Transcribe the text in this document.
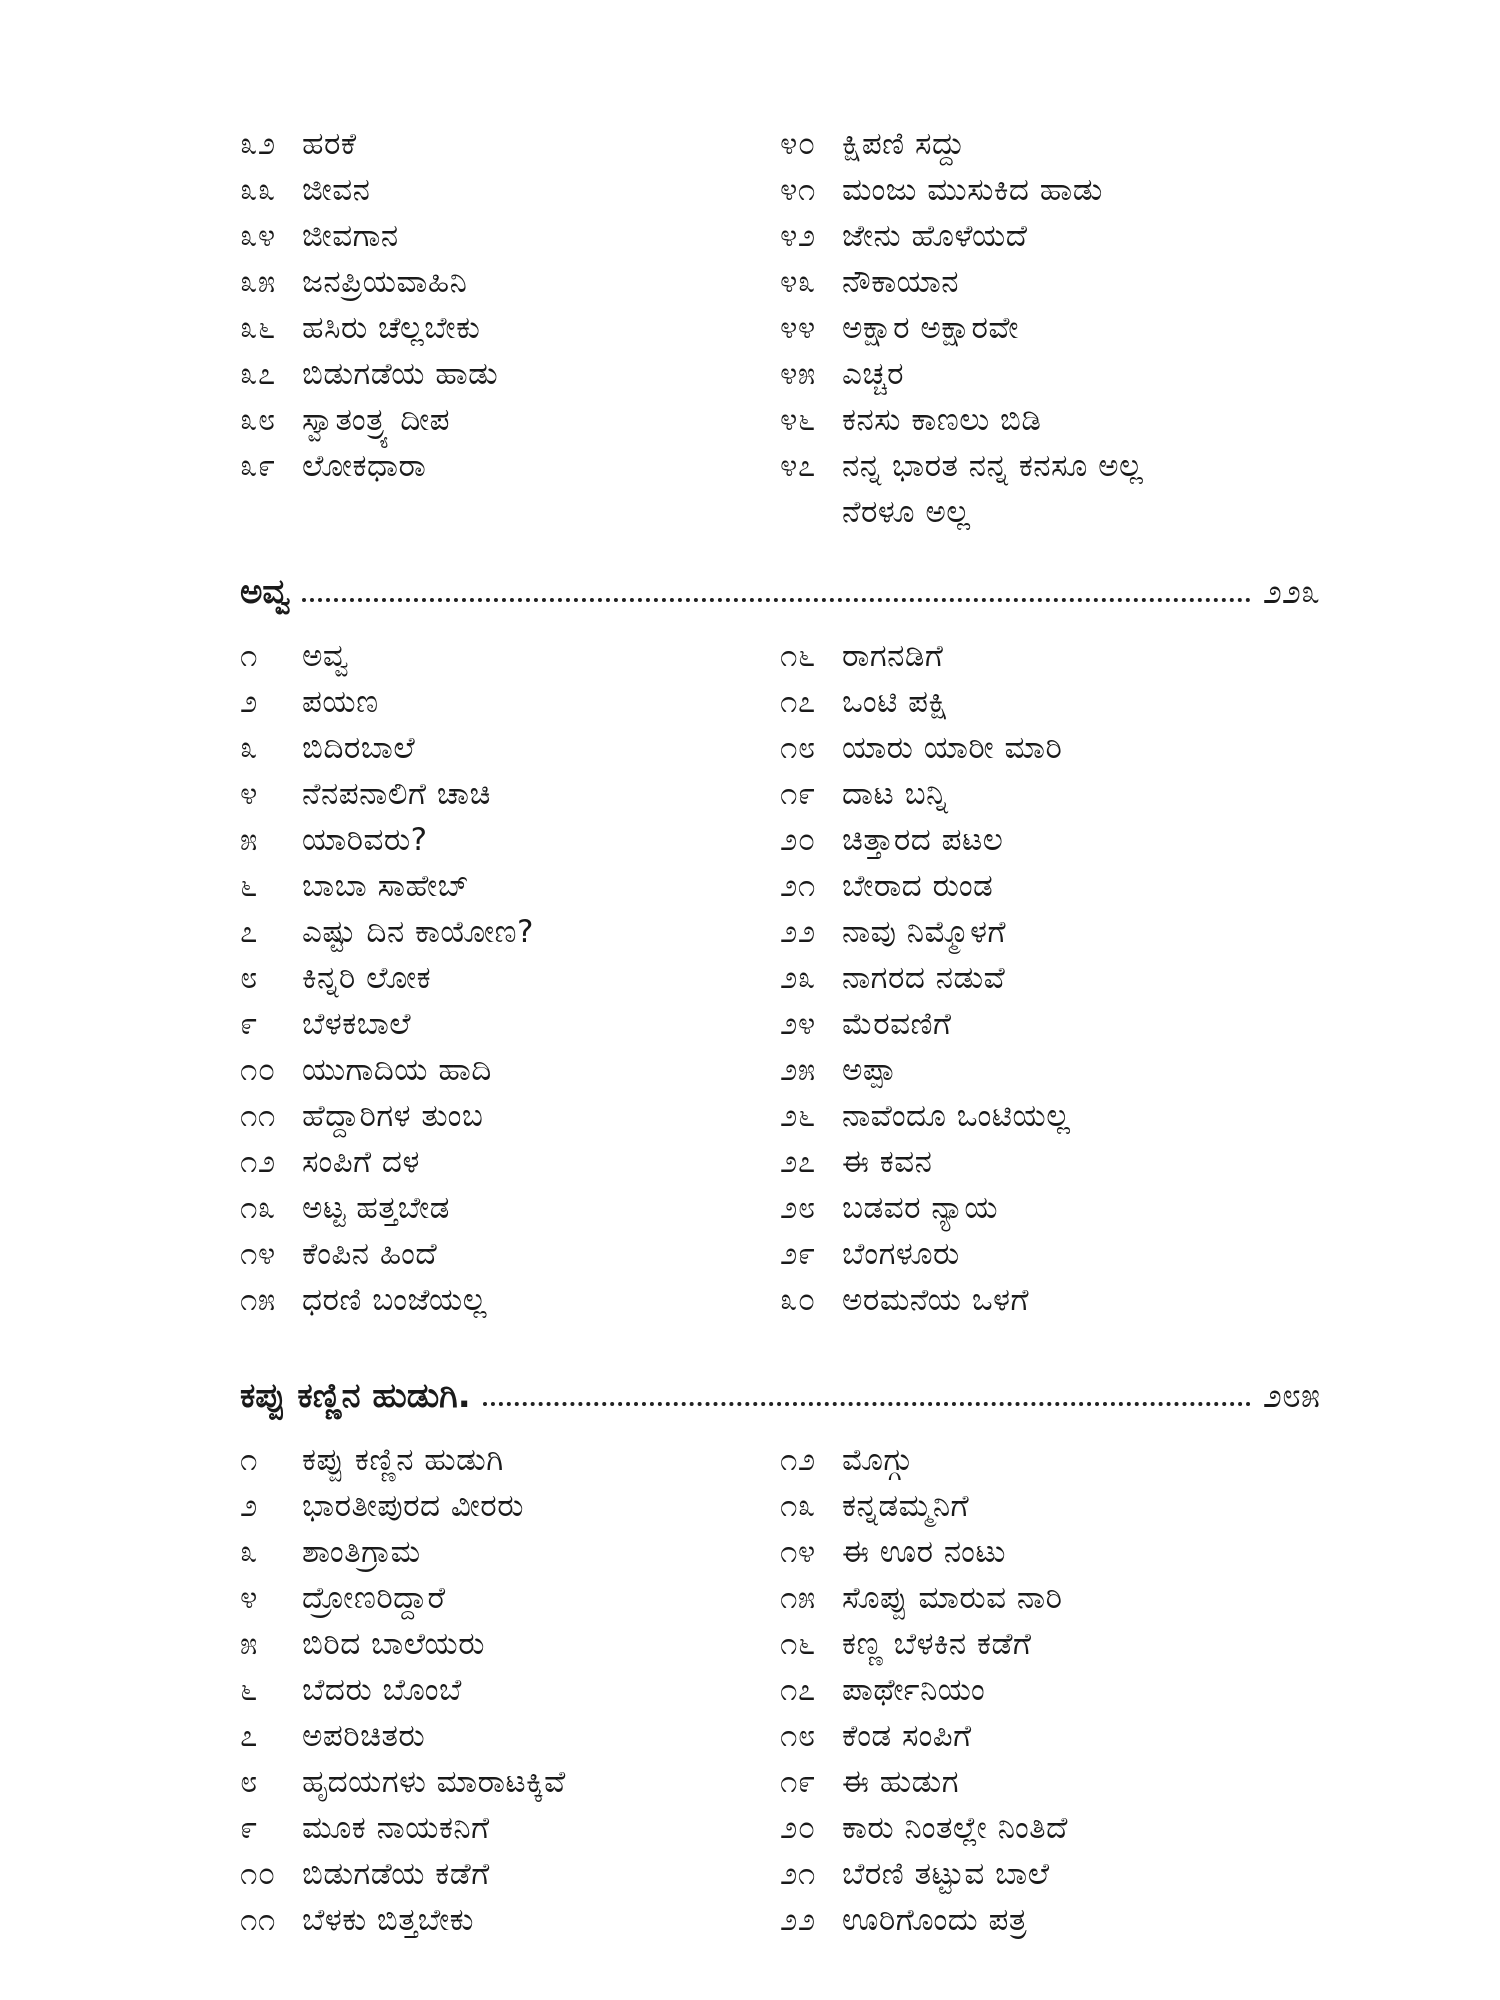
೩೨ ಹರಕೆ
೩೩ ಜೀವನ
೩೪ ಜೀವಗಾನ
೩೫ ಜನಪ್ರಿಯವಾಹಿನಿ
೩೬ ಹಸಿರು ಚೆಲ್ಲಬೇಕು
೩೭ ಬಿಡುಗಡೆಯ ಹಾಡು
೩೮ ಸ್ವಾತಂತ್ರ್ಯ ದೀಪ
೩೯ ಲೋಕಧಾರಾ
೪೦ ಕ್ಷಿಪಣಿ ಸದ್ದು
೪೧ ಮಂಜು ಮುಸುಕಿದ ಹಾಡು
೪೨ ಜೇನು ಹೊಳೆಯದೆ
೪೩ ನೌಕಾಯಾನ
೪೪ ಅಕ್ಷಾರ ಅಕ್ಷಾರವೇ
೪೫ ಎಚ್ಚರ
೪೬ ಕನಸು ಕಾಣಲು ಬಿಡಿ
೪೭ ನನ್ನ ಭಾರತ ನನ್ನ ಕನಸೂ ಅಲ್ಲ
ನೆರಳೂ ಅಲ್ಲ
ಅವ್ವ	೨೨೩
೧ ಅವ್ವ
೨ ಪಯಣ
೩ ಬಿದಿರಬಾಲೆ
೪ ನೆನಪನಾಲಿಗೆ ಚಾಚಿ
೫ ಯಾರಿವರು?
೬ ಬಾಬಾ ಸಾಹೇಬ್
೭ ಎಷ್ಟು ದಿನ ಕಾಯೋಣ?
೮ ಕಿನ್ನರಿ ಲೋಕ
೯ ಬೆಳಕಬಾಲೆ
೧೦ ಯುಗಾದಿಯ ಹಾದಿ
೧೧ ಹೆದ್ದಾರಿಗಳ ತುಂಬ
೧೨ ಸಂಪಿಗೆ ದಳ
೧೩ ಅಟ್ಟ ಹತ್ತಬೇಡ
೧೪ ಕೆಂಪಿನ ಹಿಂದೆ
೧೫ ಧರಣಿ ಬಂಜೆಯಲ್ಲ
೧೬ ರಾಗನಡಿಗೆ
೧೭ ಒಂಟಿ ಪಕ್ಷಿ
೧೮ ಯಾರು ಯಾರೀ ಮಾರಿ
೧೯ ದಾಟ ಬನ್ನಿ
೨೦ ಚಿತ್ತಾರದ ಪಟಲ
೨೧ ಬೇರಾದ ರುಂಡ
೨೨ ನಾವು ನಿಮ್ಮೊಳಗೆ
೨೩ ನಾಗರದ ನಡುವೆ
೨೪ ಮೆರವಣಿಗೆ
೨೫ ಅಪ್ಪಾ
೨೬ ನಾವೆಂದೂ ಒಂಟಿಯಲ್ಲ
೨೭ ಈ ಕವನ
೨೮ ಬಡವರ ನ್ಯಾಯ
೨೯ ಬೆಂಗಳೂರು
೩೦ ಅರಮನೆಯ ಒಳಗೆ
ಕಪ್ಪು ಕಣ್ಣಿನ ಹುಡುಗಿ.	೨೮೫
೧ ಕಪ್ಪು ಕಣ್ಣಿನ ಹುಡುಗಿ
೨ ಭಾರತೀಪುರದ ವೀರರು
೩ ಶಾಂತಿಗ್ರಾಮ
೪ ದ್ರೋಣರಿದ್ದಾರೆ
೫ ಬಿರಿದ ಬಾಲೆಯರು
೬ ಬೆದರು ಬೊಂಬೆ
೭ ಅಪರಿಚಿತರು
೮ ಹೃದಯಗಳು ಮಾರಾಟಕ್ಕಿವೆ
೯ ಮೂಕ ನಾಯಕನಿಗೆ
೧೦ ಬಿಡುಗಡೆಯ ಕಡೆಗೆ
೧೧ ಬೆಳಕು ಬಿತ್ತಬೇಕು
೧೨ ಮೊಗ್ಗು
೧೩ ಕನ್ನಡಮ್ಮನಿಗೆ
೧೪ ಈ ಊರ ನಂಟು
೧೫ ಸೊಪ್ಪು ಮಾರುವ ನಾರಿ
೧೬ ಕಣ್ಣ ಬೆಳಕಿನ ಕಡೆಗೆ
೧೭ ಪಾರ್ಥೇನಿಯಂ
೧೮ ಕೆಂಡ ಸಂಪಿಗೆ
೧೯ ಈ ಹುಡುಗ
೨೦ ಕಾರು ನಿಂತಲ್ಲೇ ನಿಂತಿದೆ
೨೧ ಬೆರಣಿ ತಟ್ಟುವ ಬಾಲೆ
೨೨ ಊರಿಗೊಂದು ಪತ್ರ
